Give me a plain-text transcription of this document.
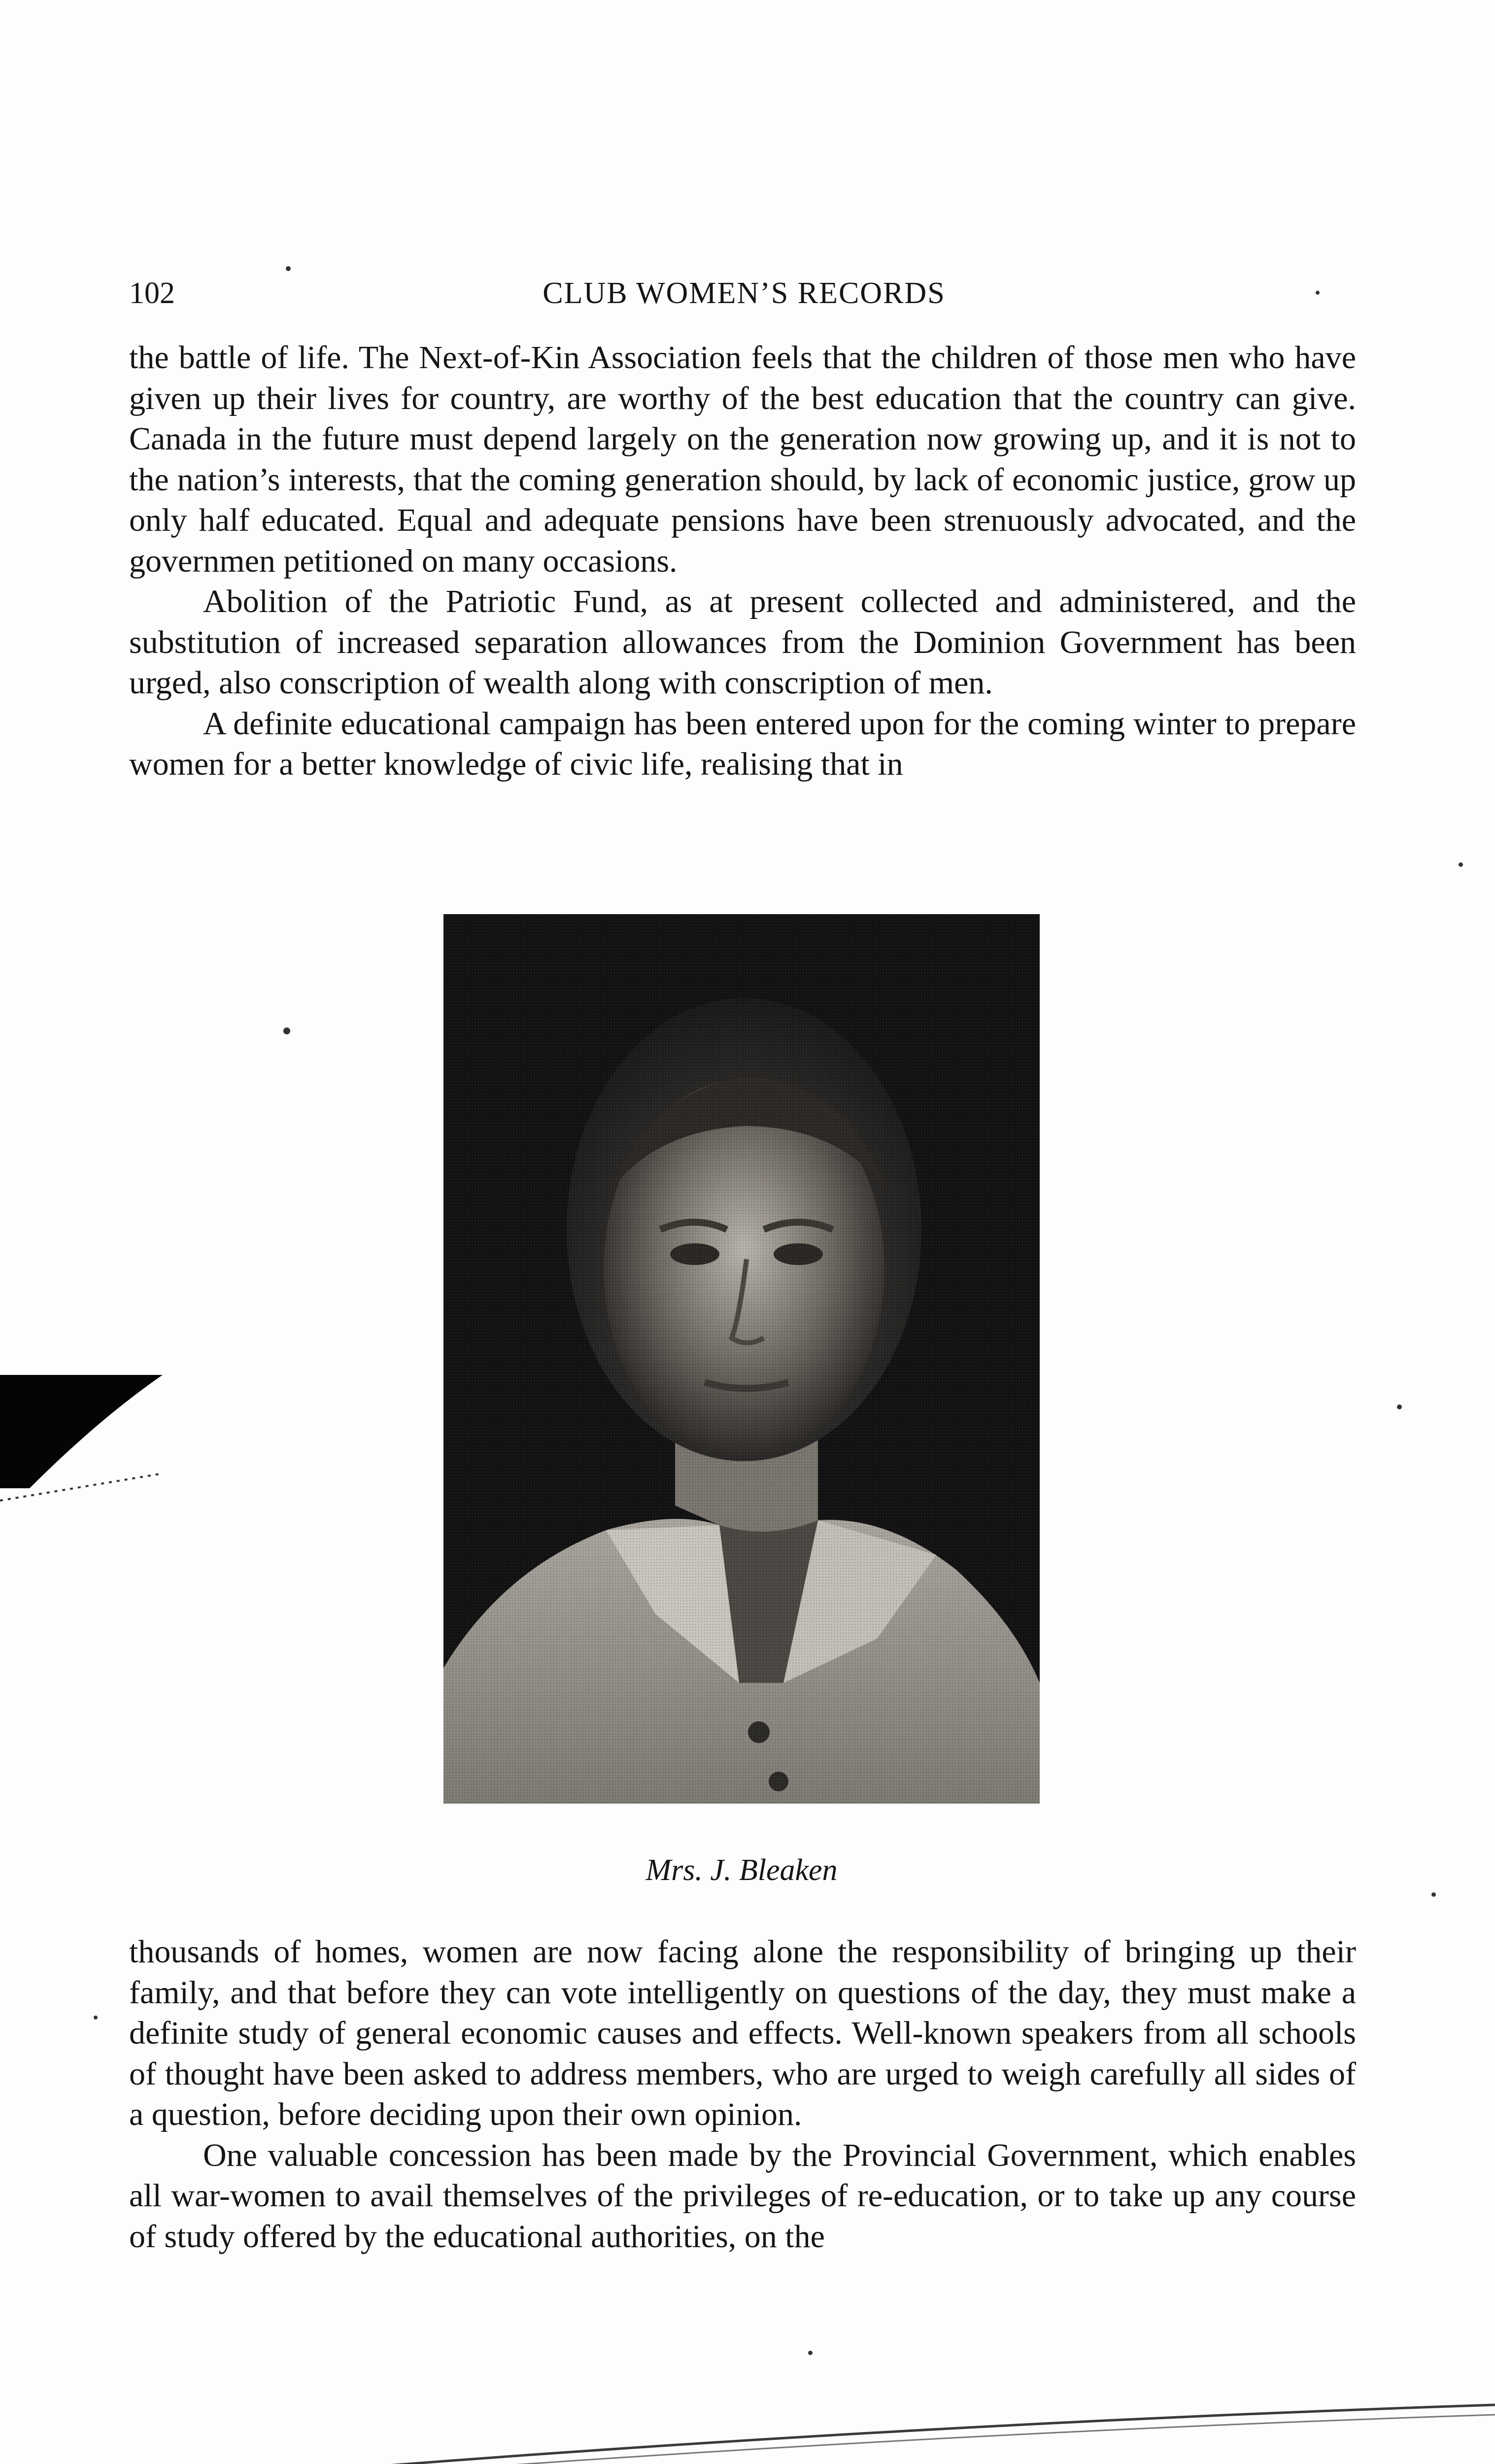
102	CLUB WOMEN’S RECORDS

the battle of life. The Next-of-Kin Association feels that the children of those men who have given up their lives for country, are worthy of the best education that the country can give. Canada in the future must depend largely on the generation now growing up, and it is not to the nation’s interests, that the coming generation should, by lack of economic justice, grow up only half educated. Equal and adequate pensions have been strenuously advocated, and the governmen petitioned on many occasions.

Abolition of the Patriotic Fund, as at present collected and administered, and the substitution of increased separation allowances from the Dominion Government has been urged, also conscription of wealth along with conscription of men.

A definite educational campaign has been entered upon for the coming winter to prepare women for a better knowledge of civic life, realising that in

Mrs. J. Bleaken

thousands of homes, women are now facing alone the responsibility of bringing up their family, and that before they can vote intelligently on questions of the day, they must make a definite study of general economic causes and effects. Well-known speakers from all schools of thought have been asked to address members, who are urged to weigh carefully all sides of a question, before deciding upon their own opinion.

One valuable concession has been made by the Provincial Government, which enables all war-women to avail themselves of the privileges of re-education, or to take up any course of study offered by the educational authorities, on the
